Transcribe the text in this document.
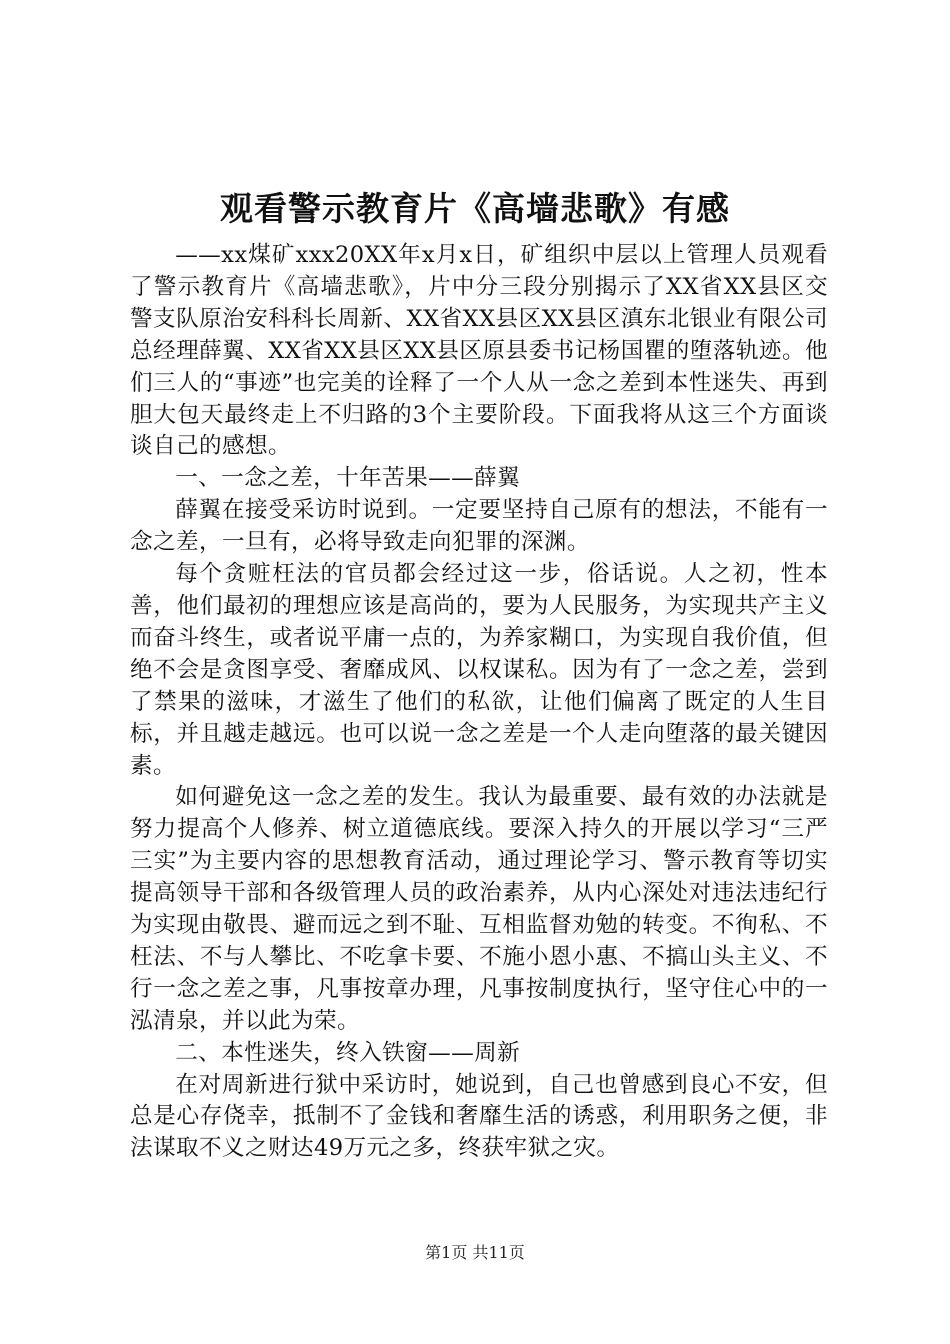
观看警示教育片《高墙悲歌》有感

——xx煤矿xxx20XX年x月x日，矿组织中层以上管理人员观看了警示教育片《高墙悲歌》，片中分三段分别揭示了XX省XX县区交警支队原治安科科长周新、XX省XX县区XX县区滇东北银业有限公司总经理薛翼、XX省XX县区XX县区原县委书记杨国瞿的堕落轨迹。他们三人的“事迹”也完美的诠释了一个人从一念之差到本性迷失、再到胆大包天最终走上不归路的3个主要阶段。下面我将从这三个方面谈谈自己的感想。

一、一念之差，十年苦果——薛翼

薛翼在接受采访时说到。一定要坚持自己原有的想法，不能有一念之差，一旦有，必将导致走向犯罪的深渊。

每个贪赃枉法的官员都会经过这一步，俗话说。人之初，性本善，他们最初的理想应该是高尚的，要为人民服务，为实现共产主义而奋斗终生，或者说平庸一点的，为养家糊口，为实现自我价值，但绝不会是贪图享受、奢靡成风、以权谋私。因为有了一念之差，尝到了禁果的滋味，才滋生了他们的私欲，让他们偏离了既定的人生目标，并且越走越远。也可以说一念之差是一个人走向堕落的最关键因素。

如何避免这一念之差的发生。我认为最重要、最有效的办法就是努力提高个人修养、树立道德底线。要深入持久的开展以学习“三严三实”为主要内容的思想教育活动，通过理论学习、警示教育等切实提高领导干部和各级管理人员的政治素养，从内心深处对违法违纪行为实现由敬畏、避而远之到不耻、互相监督劝勉的转变。不徇私、不枉法、不与人攀比、不吃拿卡要、不施小恩小惠、不搞山头主义、不行一念之差之事，凡事按章办理，凡事按制度执行，坚守住心中的一泓清泉，并以此为荣。

二、本性迷失，终入铁窗——周新

在对周新进行狱中采访时，她说到，自己也曾感到良心不安，但总是心存侥幸，抵制不了金钱和奢靡生活的诱惑，利用职务之便，非法谋取不义之财达49万元之多，终获牢狱之灾。

第1页 共11页
